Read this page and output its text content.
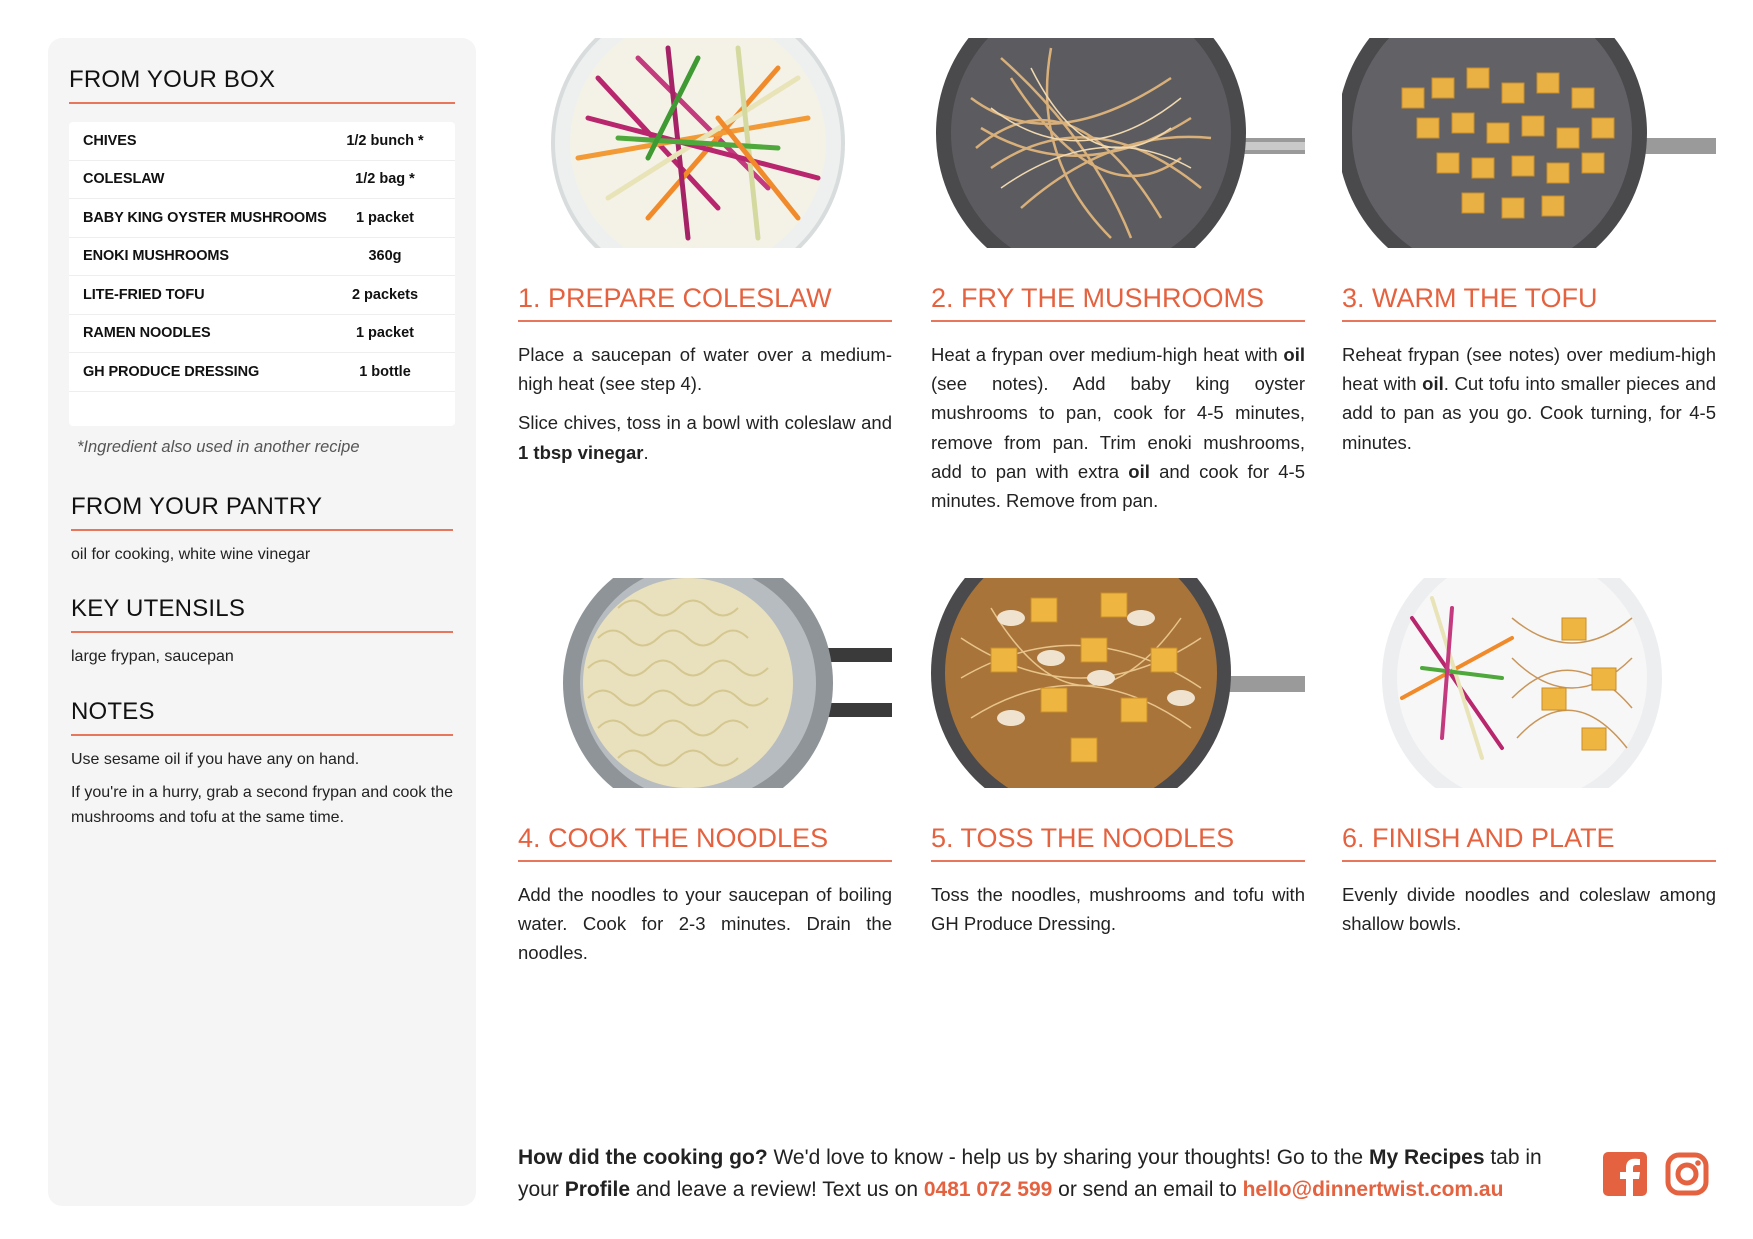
FROM YOUR BOX
CHIVES	1/2 bunch *
COLESLAW	1/2 bag *
BABY KING OYSTER MUSHROOMS	1 packet
ENOKI MUSHROOMS	360g
LITE-FRIED TOFU	2 packets
RAMEN NOODLES	1 packet
GH PRODUCE DRESSING	1 bottle

*Ingredient also used in another recipe

FROM YOUR PANTRY

oil for cooking, white wine vinegar

KEY UTENSILS

large frypan, saucepan

NOTES

Use sesame oil if you have any on hand.

If you're in a hurry, grab a second frypan and cook the mushrooms and tofu at the same time.

1. PREPARE COLESLAW

Place a saucepan of water over a medium-high heat (see step 4).

Slice chives, toss in a bowl with coleslaw and 1 tbsp vinegar.

2. FRY THE MUSHROOMS

Heat a frypan over medium-high heat with oil (see notes). Add baby king oyster mushrooms to pan, cook for 4-5 minutes, remove from pan. Trim enoki mushrooms, add to pan with extra oil and cook for 4-5 minutes. Remove from pan.

3. WARM THE TOFU

Reheat frypan (see notes) over medium-high heat with oil. Cut tofu into smaller pieces and add to pan as you go. Cook turning, for 4-5 minutes.

4. COOK THE NOODLES

Add the noodles to your saucepan of boiling water. Cook for 2-3 minutes. Drain the noodles.

5. TOSS THE NOODLES

Toss the noodles, mushrooms and tofu with GH Produce Dressing.

6. FINISH AND PLATE

Evenly divide noodles and coleslaw among shallow bowls.

How did the cooking go? We'd love to know - help us by sharing your thoughts! Go to the My Recipes tab in your Profile and leave a review! Text us on 0481 072 599 or send an email to hello@dinnertwist.com.au
